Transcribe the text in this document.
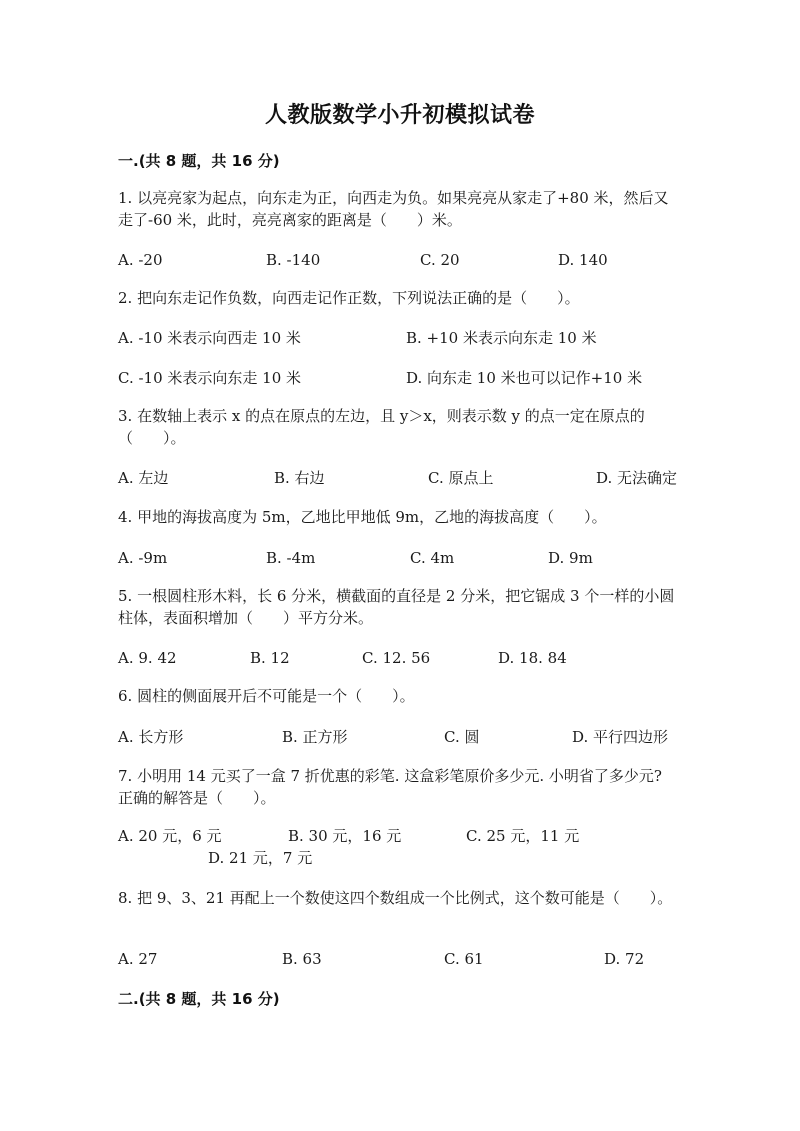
人教版数学小升初模拟试卷
一.(共 8 题，共 16 分)
1. 以亮亮家为起点，向东走为正，向西走为负。如果亮亮从家走了+80 米，然后又走了-60 米，此时，亮亮离家的距离是（　　）米。
A. -20	B. -140	C. 20	D. 140
2. 把向东走记作负数，向西走记作正数，下列说法正确的是（　　）。
A. -10 米表示向西走 10 米	B. +10 米表示向东走 10 米
C. -10 米表示向东走 10 米	D. 向东走 10 米也可以记作+10 米
3. 在数轴上表示 x 的点在原点的左边，且 y＞x，则表示数 y 的点一定在原点的（　　）。
A. 左边	B. 右边	C. 原点上	D. 无法确定
4. 甲地的海拔高度为 5m，乙地比甲地低 9m，乙地的海拔高度（　　）。
A. -9m	B. -4m	C. 4m	D. 9m
5. 一根圆柱形木料，长 6 分米，横截面的直径是 2 分米，把它锯成 3 个一样的小圆柱体，表面积增加（　　）平方分米。
A. 9. 42	B. 12	C. 12. 56	D. 18. 84
6. 圆柱的侧面展开后不可能是一个（　　）。
A. 长方形	B. 正方形	C. 圆	D. 平行四边形
7. 小明用 14 元买了一盒 7 折优惠的彩笔. 这盒彩笔原价多少元. 小明省了多少元? 正确的解答是（　　）。
A. 20 元，6 元	B. 30 元，16 元	C. 25 元，11 元
D. 21 元，7 元
8. 把 9、3、21 再配上一个数使这四个数组成一个比例式，这个数可能是（　　）。
A. 27	B. 63	C. 61	D. 72
二.(共 8 题，共 16 分)
